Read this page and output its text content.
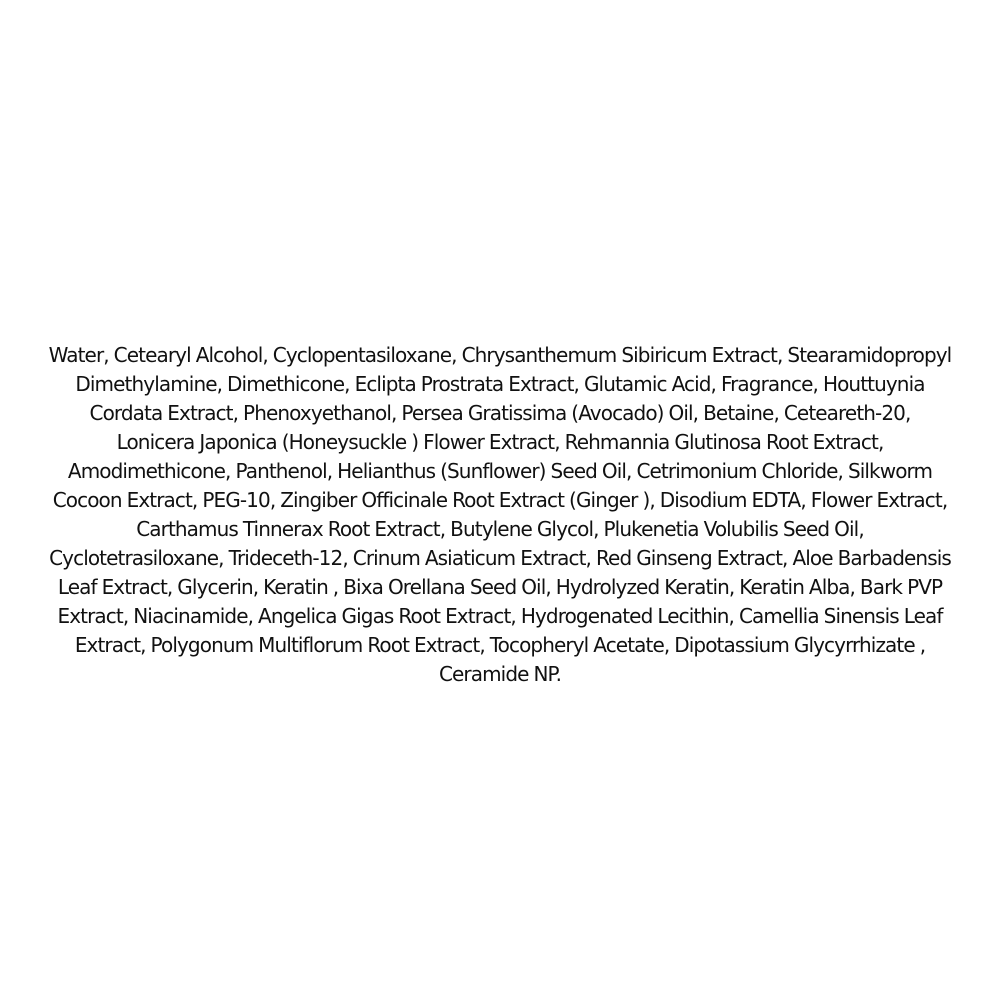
Water, Cetearyl Alcohol, Cyclopentasiloxane, Chrysanthemum Sibiricum Extract, Stearamidopropyl
Dimethylamine, Dimethicone, Eclipta Prostrata Extract, Glutamic Acid, Fragrance, Houttuynia
Cordata Extract, Phenoxyethanol, Persea Gratissima (Avocado) Oil, Betaine, Ceteareth-20,
Lonicera Japonica (Honeysuckle ) Flower Extract, Rehmannia Glutinosa Root Extract,
Amodimethicone, Panthenol, Helianthus (Sunflower) Seed Oil, Cetrimonium Chloride, Silkworm
Cocoon Extract, PEG-10, Zingiber Officinale Root Extract (Ginger ), Disodium EDTA, Flower Extract,
Carthamus Tinnerax Root Extract, Butylene Glycol, Plukenetia Volubilis Seed Oil,
Cyclotetrasiloxane, Trideceth-12, Crinum Asiaticum Extract, Red Ginseng Extract, Aloe Barbadensis
Leaf Extract, Glycerin, Keratin , Bixa Orellana Seed Oil, Hydrolyzed Keratin, Keratin Alba, Bark PVP
Extract, Niacinamide, Angelica Gigas Root Extract, Hydrogenated Lecithin, Camellia Sinensis Leaf
Extract, Polygonum Multiflorum Root Extract, Tocopheryl Acetate, Dipotassium Glycyrrhizate ,
Ceramide NP.
